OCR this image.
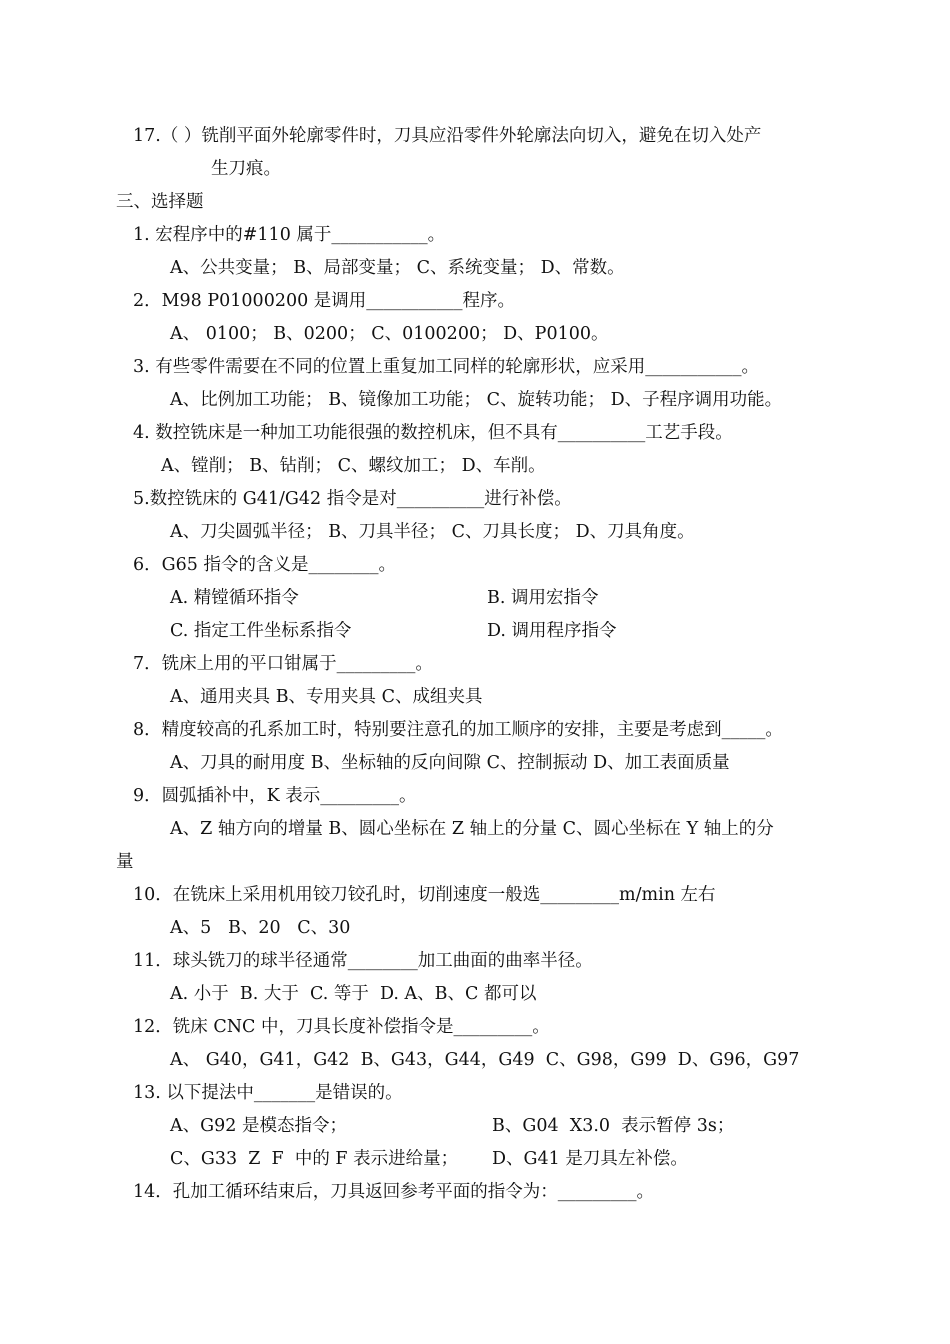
17.（ ）铣削平面外轮廓零件时，刀具应沿零件外轮廓法向切入，避免在切入处产
生刀痕。
三、选择题
1. 宏程序中的#110 属于___________。
A、公共变量； B、局部变量； C、系统变量； D、常数。
2．M98 P01000200 是调用___________程序。
A、 0100； B、0200； C、0100200； D、P0100。
3. 有些零件需要在不同的位置上重复加工同样的轮廓形状，应采用___________。
A、比例加工功能； B、镜像加工功能； C、旋转功能； D、子程序调用功能。
4. 数控铣床是一种加工功能很强的数控机床，但不具有__________工艺手段。
A、镗削； B、钻削； C、螺纹加工； D、车削。
5.数控铣床的 G41/G42 指令是对__________进行补偿。
A、刀尖圆弧半径； B、刀具半径； C、刀具长度； D、刀具角度。
6．G65 指令的含义是________。
A. 精镗循环指令	B. 调用宏指令
C. 指定工件坐标系指令	D. 调用程序指令
7．铣床上用的平口钳属于_________。
A、通用夹具 B、专用夹具 C、成组夹具
8．精度较高的孔系加工时，特别要注意孔的加工顺序的安排，主要是考虑到_____。
A、刀具的耐用度 B、坐标轴的反向间隙 C、控制振动 D、加工表面质量
9．圆弧插补中，K 表示_________。
A、Z 轴方向的增量 B、圆心坐标在 Z 轴上的分量 C、圆心坐标在 Y 轴上的分
量
10．在铣床上采用机用铰刀铰孔时，切削速度一般选_________m/min 左右
A、5   B、20   C、30
11．球头铣刀的球半径通常________加工曲面的曲率半径。
A. 小于  B. 大于  C. 等于  D. A、B、C 都可以
12．铣床 CNC 中，刀具长度补偿指令是_________。
A、 G40，G41，G42  B、G43，G44，G49  C、G98，G99  D、G96，G97
13. 以下提法中_______是错误的。
A、G92 是模态指令；	B、G04  X3.0  表示暂停 3s；
C、G33  Z  F  中的 F 表示进给量； D、G41 是刀具左补偿。
14．孔加工循环结束后，刀具返回参考平面的指令为：_________。
